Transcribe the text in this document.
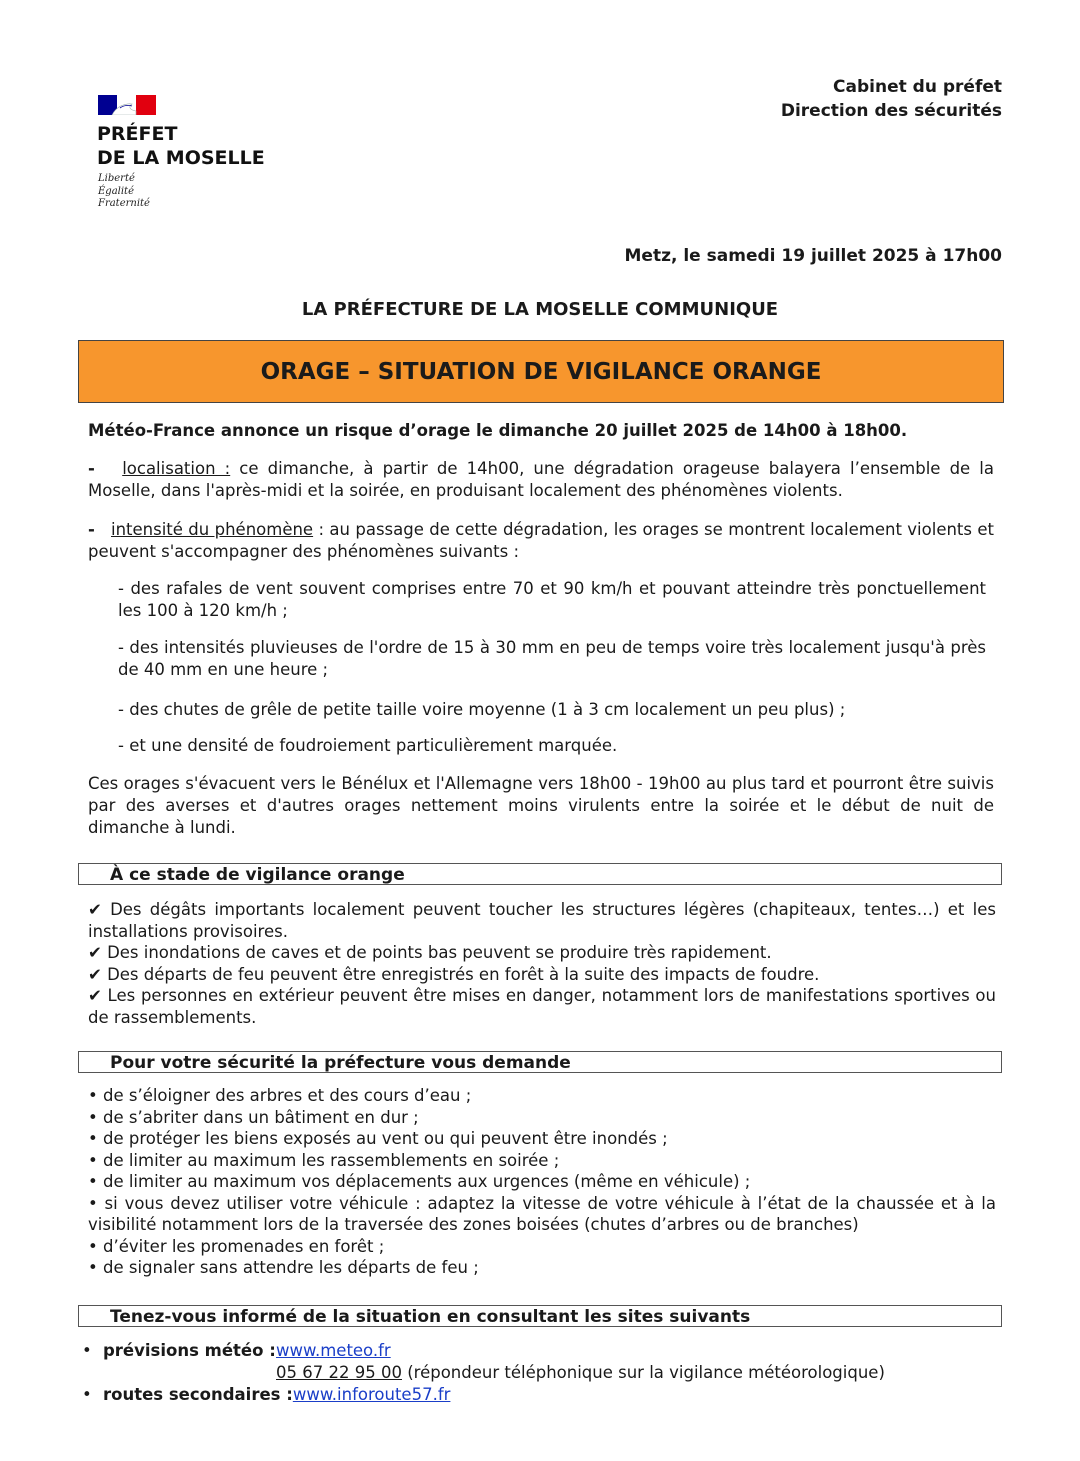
PRÉFET
DE LA MOSELLE
Liberté
Égalité
Fraternité
Cabinet du préfet
Direction des sécurités
Metz, le samedi 19 juillet 2025 à 17h00
LA PRÉFECTURE DE LA MOSELLE COMMUNIQUE
ORAGE – SITUATION DE VIGILANCE ORANGE
Météo-France annonce un risque d’orage le dimanche 20 juillet 2025 de 14h00 à 18h00.
- localisation : ce dimanche, à partir de 14h00, une dégradation orageuse balayera l’ensemble de la Moselle, dans l'après-midi et la soirée, en produisant localement des phénomènes violents.
- intensité du phénomène : au passage de cette dégradation, les orages se montrent localement violents et peuvent s'accompagner des phénomènes suivants :
- des rafales de vent souvent comprises entre 70 et 90 km/h et pouvant atteindre très ponctuellement les 100 à 120 km/h ;
- des intensités pluvieuses de l'ordre de 15 à 30 mm en peu de temps voire très localement jusqu'à près de 40 mm en une heure ;
- des chutes de grêle de petite taille voire moyenne (1 à 3 cm localement un peu plus) ;
- et une densité de foudroiement particulièrement marquée.
Ces orages s'évacuent vers le Bénélux et l'Allemagne vers 18h00 - 19h00 au plus tard et pourront être suivis par des averses et d'autres orages nettement moins virulents entre la soirée et le début de nuit de dimanche à lundi.
À ce stade de vigilance orange
✔ Des dégâts importants localement peuvent toucher les structures légères (chapiteaux, tentes…) et les installations provisoires.
✔ Des inondations de caves et de points bas peuvent se produire très rapidement.
✔ Des départs de feu peuvent être enregistrés en forêt à la suite des impacts de foudre.
✔ Les personnes en extérieur peuvent être mises en danger, notamment lors de manifestations sportives ou de rassemblements.
Pour votre sécurité la préfecture vous demande
• de s’éloigner des arbres et des cours d’eau ;
• de s’abriter dans un bâtiment en dur ;
• de protéger les biens exposés au vent ou qui peuvent être inondés ;
• de limiter au maximum les rassemblements en soirée ;
• de limiter au maximum vos déplacements aux urgences (même en véhicule) ;
• si vous devez utiliser votre véhicule : adaptez la vitesse de votre véhicule à l’état de la chaussée et à la visibilité notamment lors de la traversée des zones boisées (chutes d’arbres ou de branches)
• d’éviter les promenades en forêt ;
• de signaler sans attendre les départs de feu ;
Tenez-vous informé de la situation en consultant les sites suivants
• prévisions météo : www.meteo.fr
05 67 22 95 00 (répondeur téléphonique sur la vigilance météorologique)
• routes secondaires :www.inforoute57.fr
